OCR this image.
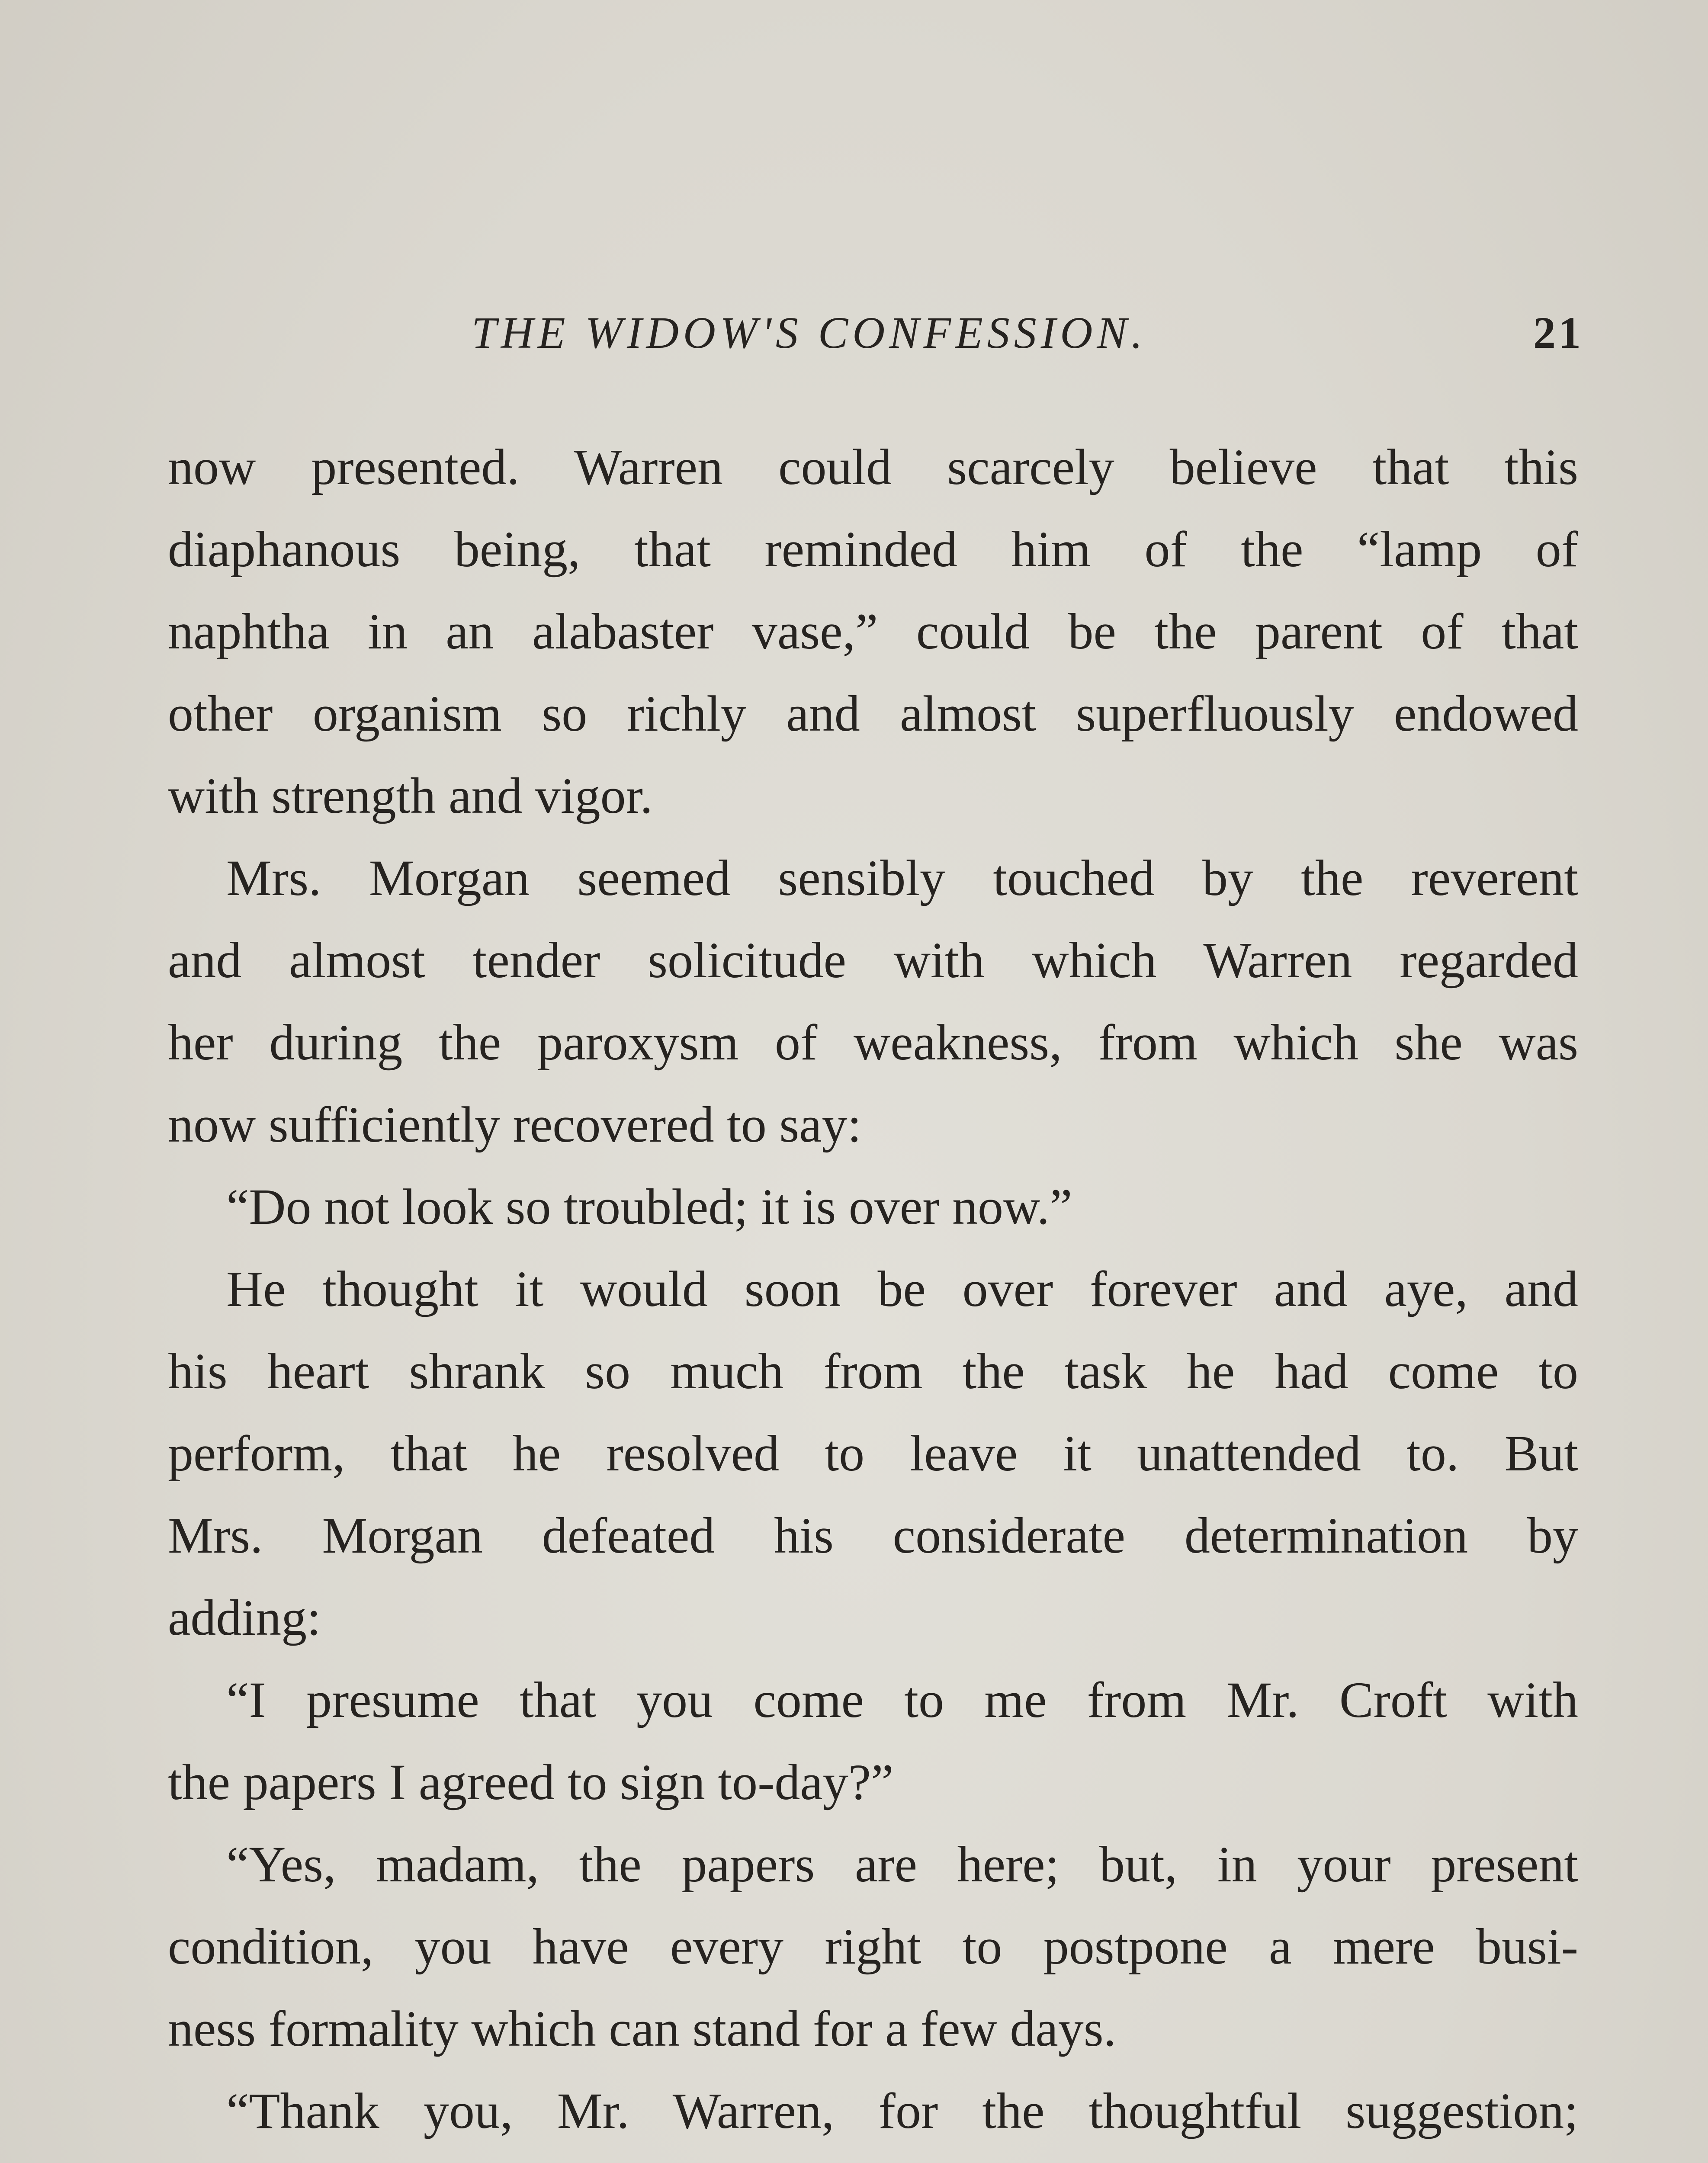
THE WIDOW'S CONFESSION.	21
now presented. Warren could scarcely believe that this
diaphanous being, that reminded him of the “lamp of
naphtha in an alabaster vase,” could be the parent of that
other organism so richly and almost superfluously endowed
with strength and vigor.
Mrs. Morgan seemed sensibly touched by the reverent
and almost tender solicitude with which Warren regarded
her during the paroxysm of weakness, from which she was
now sufficiently recovered to say:
“Do not look so troubled; it is over now.”
He thought it would soon be over forever and aye, and
his heart shrank so much from the task he had come to
perform, that he resolved to leave it unattended to. But
Mrs. Morgan defeated his considerate determination by
adding:
“I presume that you come to me from Mr. Croft with
the papers I agreed to sign to-day?”
“Yes, madam, the papers are here; but, in your present
condition, you have every right to postpone a mere busi-
ness formality which can stand for a few days.
“Thank you, Mr. Warren, for the thoughtful suggestion;
